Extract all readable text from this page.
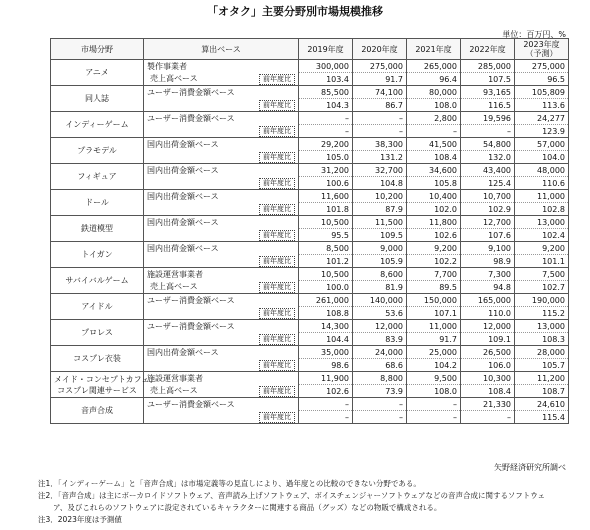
「オタク」主要分野別市場規模推移
単位：百万円、%
市場分野	算出ベース	2019年度	2020年度	2021年度	2022年度	2023年度
（予測）

アニメ	製作事業者	300,000	275,000	265,000	285,000	275,000

	売上高ベース 前年度比	103.4	91.7	96.4	107.5	96.5

同人誌	ユーザー消費金額ベース	85,500	74,100	80,000	93,165	105,809
	前年度比	104.3	86.7	108.0	116.5	113.6

インディーゲーム	ユーザー消費金額ベース	–	–	2,800	19,596	24,277
	前年度比	–	–	–	–	123.9

プラモデル	国内出荷金額ベース	29,200	38,300	41,500	54,800	57,000
	前年度比	105.0	131.2	108.4	132.0	104.0

フィギュア	国内出荷金額ベース	31,200	32,700	34,600	43,400	48,000
	前年度比	100.6	104.8	105.8	125.4	110.6

ドール	国内出荷金額ベース	11,600	10,200	10,400	10,700	11,000
	前年度比	101.8	87.9	102.0	102.9	102.8

鉄道模型	国内出荷金額ベース	10,500	11,500	11,800	12,700	13,000
	前年度比	95.5	109.5	102.6	107.6	102.4

トイガン	国内出荷金額ベース	8,500	9,000	9,200	9,100	9,200
	前年度比	101.2	105.9	102.2	98.9	101.1

サバイバルゲーム	施設運営事業者	10,500	8,600	7,700	7,300	7,500

	売上高ベース 前年度比	100.0	81.9	89.5	94.8	102.7

アイドル	ユーザー消費金額ベース	261,000	140,000	150,000	165,000	190,000
	前年度比	108.8	53.6	107.1	110.0	115.2

プロレス	ユーザー消費金額ベース	14,300	12,000	11,000	12,000	13,000
	前年度比	104.4	83.9	91.7	109.1	108.3

コスプレ衣装	国内出荷金額ベース	35,000	24,000	25,000	26,500	28,000
	前年度比	98.6	68.6	104.2	106.0	105.7

メイド・コンセプトカフェ、
コスプレ関連サービス	施設運営事業者	11,900	8,800	9,500	10,300	11,200

	売上高ベース 前年度比	102.6	73.9	108.0	108.4	108.7

音声合成	ユーザー消費金額ベース	–	–	–	21,330	24,610
	前年度比	–	–	–	–	115.4
矢野経済研究所調べ
注1．「インディーゲーム」と「音声合成」は市場定義等の見直しにより、過年度との比較のできない分野である。
注2．「音声合成」は主にボーカロイドソフトウェア、音声読み上げソフトウェア、ボイスチェンジャーソフトウェアなどの音声合成に関するソフトウェ
　　ア、及びこれらのソフトウェアに設定されているキャラクターに関連する商品（グッズ）などの物販で構成される。
注3．2023年度は予測値
